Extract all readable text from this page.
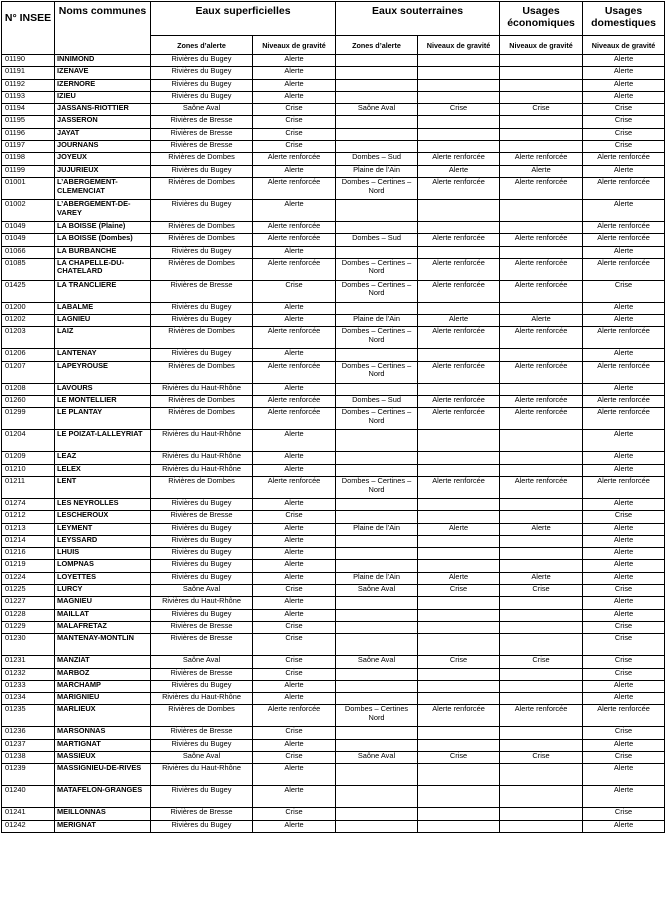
N° INSEE	Noms communes	Eaux superficielles		Eaux souterraines		Usages économiques	Usages domestiques
		Zones d’alerte	Niveaux de gravité	Zones d’alerte	Niveaux de gravité	Niveaux de gravité	Niveaux de gravité
01190	INNIMOND	Rivières du Bugey	Alerte				Alerte
01191	IZENAVE	Rivières du Bugey	Alerte				Alerte
01192	IZERNORE	Rivières du Bugey	Alerte				Alerte
01193	IZIEU	Rivières du Bugey	Alerte				Alerte
01194	JASSANS-RIOTTIER	Saône Aval	Crise	Saône Aval	Crise	Crise	Crise
01195	JASSERON	Rivières de Bresse	Crise				Crise
01196	JAYAT	Rivières de Bresse	Crise				Crise
01197	JOURNANS	Rivières de Bresse	Crise				Crise
01198	JOYEUX	Rivières de Dombes	Alerte renforcée	Dombes – Sud	Alerte renforcée	Alerte renforcée	Alerte renforcée
01199	JUJURIEUX	Rivières du Bugey	Alerte	Plaine de l’Ain	Alerte	Alerte	Alerte
01001	L’ABERGEMENT-CLEMENCIAT	Rivières de Dombes	Alerte renforcée	Dombes – Certines – Nord	Alerte renforcée	Alerte renforcée	Alerte renforcée
01002	L’ABERGEMENT-DE-VAREY	Rivières du Bugey	Alerte				Alerte
01049	LA BOISSE (Plaine)	Rivières de Dombes	Alerte renforcée				Alerte renforcée
01049	LA BOISSE (Dombes)	Rivières de Dombes	Alerte renforcée	Dombes – Sud	Alerte renforcée	Alerte renforcée	Alerte renforcée
01066	LA BURBANCHE	Rivières du Bugey	Alerte				Alerte
01085	LA CHAPELLE-DU-CHATELARD	Rivières de Dombes	Alerte renforcée	Dombes – Certines – Nord	Alerte renforcée	Alerte renforcée	Alerte renforcée
01425	LA TRANCLIERE	Rivières de Bresse	Crise	Dombes – Certines – Nord	Alerte renforcée	Alerte renforcée	Crise
01200	LABALME	Rivières du Bugey	Alerte				Alerte
01202	LAGNIEU	Rivières du Bugey	Alerte	Plaine de l’Ain	Alerte	Alerte	Alerte
01203	LAIZ	Rivières de Dombes	Alerte renforcée	Dombes – Certines – Nord	Alerte renforcée	Alerte renforcée	Alerte renforcée
01206	LANTENAY	Rivières du Bugey	Alerte				Alerte
01207	LAPEYROUSE	Rivières de Dombes	Alerte renforcée	Dombes – Certines – Nord	Alerte renforcée	Alerte renforcée	Alerte renforcée
01208	LAVOURS	Rivières du Haut-Rhône	Alerte				Alerte
01260	LE MONTELLIER	Rivières de Dombes	Alerte renforcée	Dombes – Sud	Alerte renforcée	Alerte renforcée	Alerte renforcée
01299	LE PLANTAY	Rivières de Dombes	Alerte renforcée	Dombes – Certines – Nord	Alerte renforcée	Alerte renforcée	Alerte renforcée
01204	LE POIZAT-LALLEYRIAT	Rivières du Haut-Rhône	Alerte				Alerte
01209	LEAZ	Rivières du Haut-Rhône	Alerte				Alerte
01210	LELEX	Rivières du Haut-Rhône	Alerte				Alerte
01211	LENT	Rivières de Dombes	Alerte renforcée	Dombes – Certines – Nord	Alerte renforcée	Alerte renforcée	Alerte renforcée
01274	LES NEYROLLES	Rivières du Bugey	Alerte				Alerte
01212	LESCHEROUX	Rivières de Bresse	Crise				Crise
01213	LEYMENT	Rivières du Bugey	Alerte	Plaine de l’Ain	Alerte	Alerte	Alerte
01214	LEYSSARD	Rivières du Bugey	Alerte				Alerte
01216	LHUIS	Rivières du Bugey	Alerte				Alerte
01219	LOMPNAS	Rivières du Bugey	Alerte				Alerte
01224	LOYETTES	Rivières du Bugey	Alerte	Plaine de l’Ain	Alerte	Alerte	Alerte
01225	LURCY	Saône Aval	Crise	Saône Aval	Crise	Crise	Crise
01227	MAGNIEU	Rivières du Haut-Rhône	Alerte				Alerte
01228	MAILLAT	Rivières du Bugey	Alerte				Alerte
01229	MALAFRETAZ	Rivières de Bresse	Crise				Crise
01230	MANTENAY-MONTLIN	Rivières de Bresse	Crise				Crise
01231	MANZIAT	Saône Aval	Crise	Saône Aval	Crise	Crise	Crise
01232	MARBOZ	Rivières de Bresse	Crise				Crise
01233	MARCHAMP	Rivières du Bugey	Alerte				Alerte
01234	MARIGNIEU	Rivières du Haut-Rhône	Alerte				Alerte
01235	MARLIEUX	Rivières de Dombes	Alerte renforcée	Dombes – Certines Nord	Alerte renforcée	Alerte renforcée	Alerte renforcée
01236	MARSONNAS	Rivières de Bresse	Crise				Crise
01237	MARTIGNAT	Rivières du Bugey	Alerte				Alerte
01238	MASSIEUX	Saône Aval	Crise	Saône Aval	Crise	Crise	Crise
01239	MASSIGNIEU-DE-RIVES	Rivières du Haut-Rhône	Alerte				Alerte
01240	MATAFELON-GRANGES	Rivières du Bugey	Alerte				Alerte
01241	MEILLONNAS	Rivières de Bresse	Crise				Crise
01242	MERIGNAT	Rivières du Bugey	Alerte				Alerte
